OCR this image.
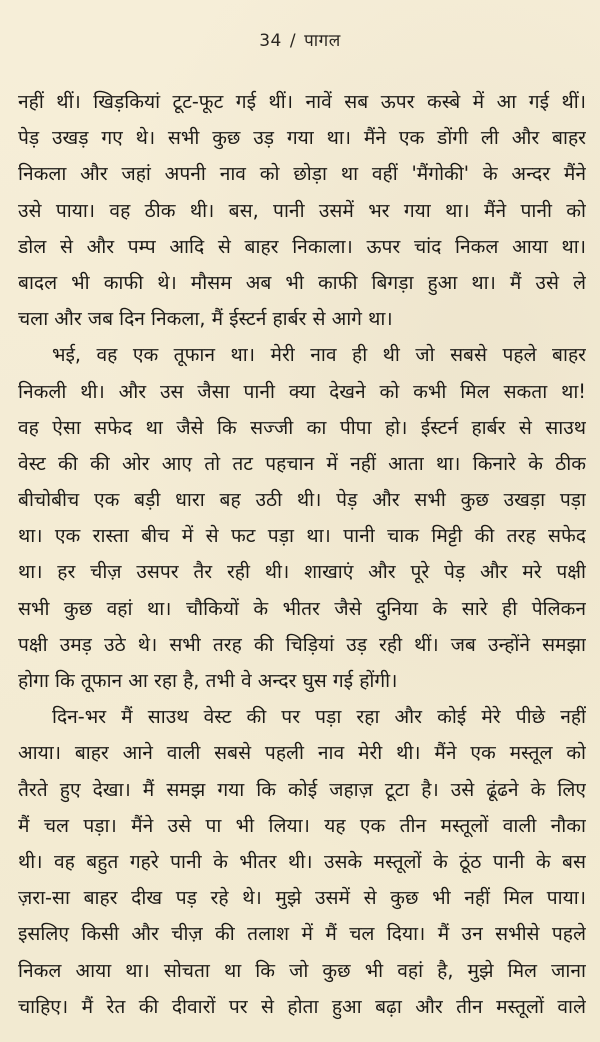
34 / पागल
नहीं थीं। खिड़कियां टूट-फूट गई थीं। नावें सब ऊपर कस्बे में आ गई थीं।
पेड़ उखड़ गए थे। सभी कुछ उड़ गया था। मैंने एक डोंगी ली और बाहर
निकला और जहां अपनी नाव को छोड़ा था वहीं 'मैंगोकी' के अन्दर मैंने
उसे पाया। वह ठीक थी। बस, पानी उसमें भर गया था। मैंने पानी को
डोल से और पम्प आदि से बाहर निकाला। ऊपर चांद निकल आया था।
बादल भी काफी थे। मौसम अब भी काफी बिगड़ा हुआ था। मैं उसे ले
चला और जब दिन निकला, मैं ईस्टर्न हार्बर से आगे था।
भई, वह एक तूफान था। मेरी नाव ही थी जो सबसे पहले बाहर
निकली थी। और उस जैसा पानी क्या देखने को कभी मिल सकता था!
वह ऐसा सफेद था जैसे कि सज्जी का पीपा हो। ईस्टर्न हार्बर से साउथ
वेस्ट की की ओर आए तो तट पहचान में नहीं आता था। किनारे के ठीक
बीचोबीच एक बड़ी धारा बह उठी थी। पेड़ और सभी कुछ उखड़ा पड़ा
था। एक रास्ता बीच में से फट पड़ा था। पानी चाक मिट्टी की तरह सफेद
था। हर चीज़ उसपर तैर रही थी। शाखाएं और पूरे पेड़ और मरे पक्षी
सभी कुछ वहां था। चौकियों के भीतर जैसे दुनिया के सारे ही पेलिकन
पक्षी उमड़ उठे थे। सभी तरह की चिड़ियां उड़ रही थीं। जब उन्होंने समझा
होगा कि तूफान आ रहा है, तभी वे अन्दर घुस गई होंगी।
दिन-भर मैं साउथ वेस्ट की पर पड़ा रहा और कोई मेरे पीछे नहीं
आया। बाहर आने वाली सबसे पहली नाव मेरी थी। मैंने एक मस्तूल को
तैरते हुए देखा। मैं समझ गया कि कोई जहाज़ टूटा है। उसे ढूंढने के लिए
मैं चल पड़ा। मैंने उसे पा भी लिया। यह एक तीन मस्तूलों वाली नौका
थी। वह बहुत गहरे पानी के भीतर थी। उसके मस्तूलों के ठूंठ पानी के बस
ज़रा-सा बाहर दीख पड़ रहे थे। मुझे उसमें से कुछ भी नहीं मिल पाया।
इसलिए किसी और चीज़ की तलाश में मैं चल दिया। मैं उन सभीसे पहले
निकल आया था। सोचता था कि जो कुछ भी वहां है, मुझे मिल जाना
चाहिए। मैं रेत की दीवारों पर से होता हुआ बढ़ा और तीन मस्तूलों वाले
